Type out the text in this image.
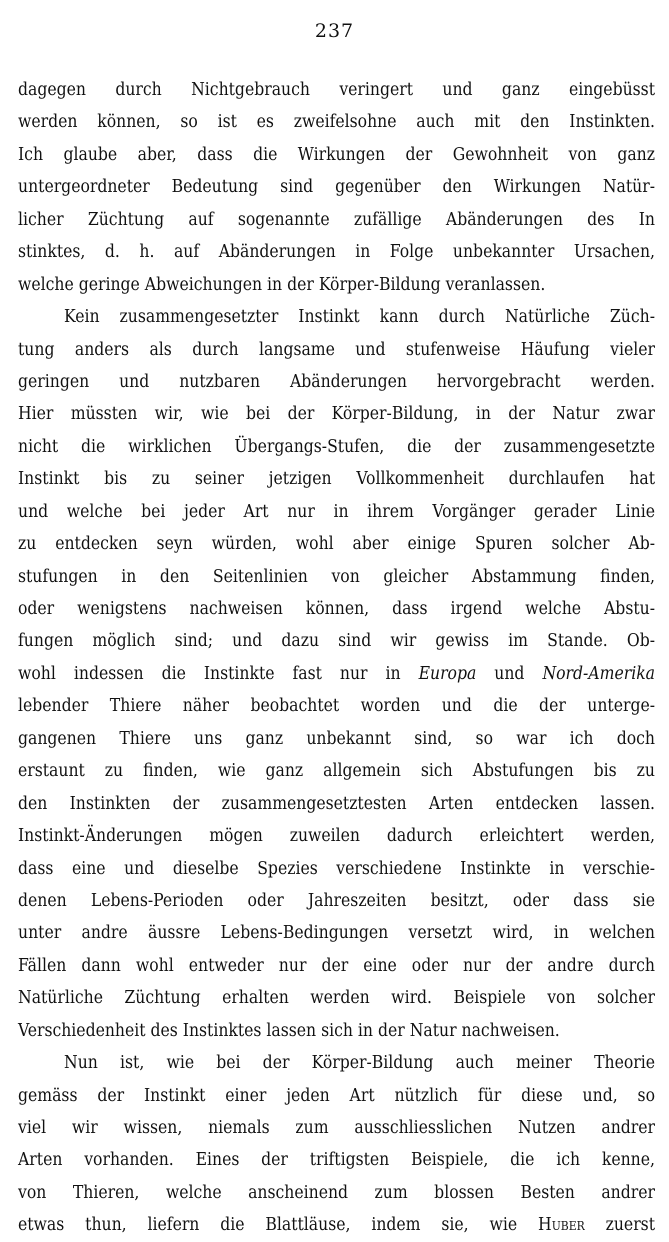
237
dagegen durch Nichtgebrauch veringert und ganz eingebüsst
werden können, so ist es zweifelsohne auch mit den Instinkten.
Ich glaube aber, dass die Wirkungen der Gewohnheit von ganz
untergeordneter Bedeutung sind gegenüber den Wirkungen Natür-
licher Züchtung auf sogenannte zufällige Abänderungen des In
stinktes, d. h. auf Abänderungen in Folge unbekannter Ursachen,
welche geringe Abweichungen in der Körper-Bildung veranlassen.
Kein zusammengesetzter Instinkt kann durch Natürliche Züch-
tung anders als durch langsame und stufenweise Häufung vieler
geringen und nutzbaren Abänderungen hervorgebracht werden.
Hier müssten wir, wie bei der Körper-Bildung, in der Natur zwar
nicht die wirklichen Übergangs-Stufen, die der zusammengesetzte
Instinkt bis zu seiner jetzigen Vollkommenheit durchlaufen hat
und welche bei jeder Art nur in ihrem Vorgänger gerader Linie
zu entdecken seyn würden, wohl aber einige Spuren solcher Ab-
stufungen in den Seitenlinien von gleicher Abstammung finden,
oder wenigstens nachweisen können, dass irgend welche Abstu-
fungen möglich sind; und dazu sind wir gewiss im Stande. Ob-
wohl indessen die Instinkte fast nur in Europa und Nord-Amerika
lebender Thiere näher beobachtet worden und die der unterge-
gangenen Thiere uns ganz unbekannt sind, so war ich doch
erstaunt zu finden, wie ganz allgemein sich Abstufungen bis zu
den Instinkten der zusammengesetztesten Arten entdecken lassen.
Instinkt-Änderungen mögen zuweilen dadurch erleichtert werden,
dass eine und dieselbe Spezies verschiedene Instinkte in verschie-
denen Lebens-Perioden oder Jahreszeiten besitzt, oder dass sie
unter andre äussre Lebens-Bedingungen versetzt wird, in welchen
Fällen dann wohl entweder nur der eine oder nur der andre durch
Natürliche Züchtung erhalten werden wird. Beispiele von solcher
Verschiedenheit des Instinktes lassen sich in der Natur nachweisen.
Nun ist, wie bei der Körper-Bildung auch meiner Theorie
gemäss der Instinkt einer jeden Art nützlich für diese und, so
viel wir wissen, niemals zum ausschliesslichen Nutzen andrer
Arten vorhanden. Eines der triftigsten Beispiele, die ich kenne,
von Thieren, welche anscheinend zum blossen Besten andrer
etwas thun, liefern die Blattläuse, indem sie, wie Huber zuerst
